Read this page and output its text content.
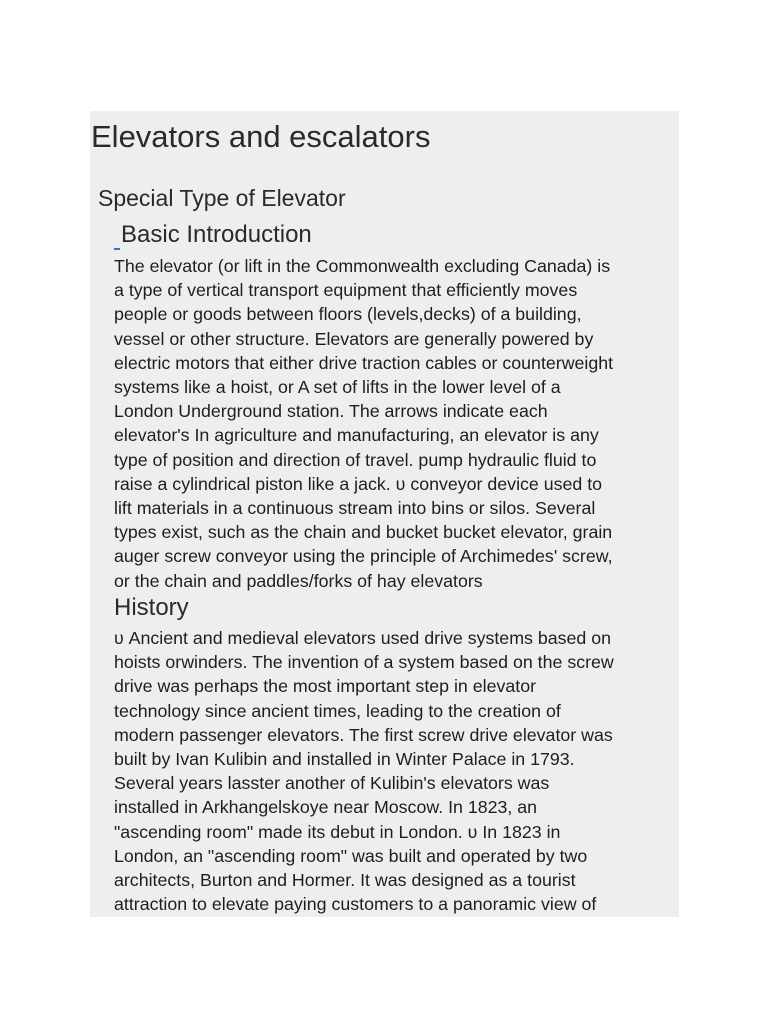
Elevators and escalators
Special Type of Elevator
Basic Introduction
The elevator (or lift in the Commonwealth excluding Canada) is
a type of vertical transport equipment that efficiently moves
people or goods between floors (levels,decks) of a building,
vessel or other structure. Elevators are generally powered by
electric motors that either drive traction cables or counterweight
systems like a hoist, or A set of lifts in the lower level of a
London Underground station. The arrows indicate each
elevator's In agriculture and manufacturing, an elevator is any
type of position and direction of travel. pump hydraulic fluid to
raise a cylindrical piston like a jack. υ conveyor device used to
lift materials in a continuous stream into bins or silos. Several
types exist, such as the chain and bucket bucket elevator, grain
auger screw conveyor using the principle of Archimedes' screw,
or the chain and paddles/forks of hay elevators
History
υ Ancient and medieval elevators used drive systems based on
hoists orwinders. The invention of a system based on the screw
drive was perhaps the most important step in elevator
technology since ancient times, leading to the creation of
modern passenger elevators. The first screw drive elevator was
built by Ivan Kulibin and installed in Winter Palace in 1793.
Several years lasster another of Kulibin's elevators was
installed in Arkhangelskoye near Moscow. In 1823, an
"ascending room" made its debut in London. υ In 1823 in
London, an "ascending room" was built and operated by two
architects, Burton and Hormer. It was designed as a tourist
attraction to elevate paying customers to a panoramic view of
